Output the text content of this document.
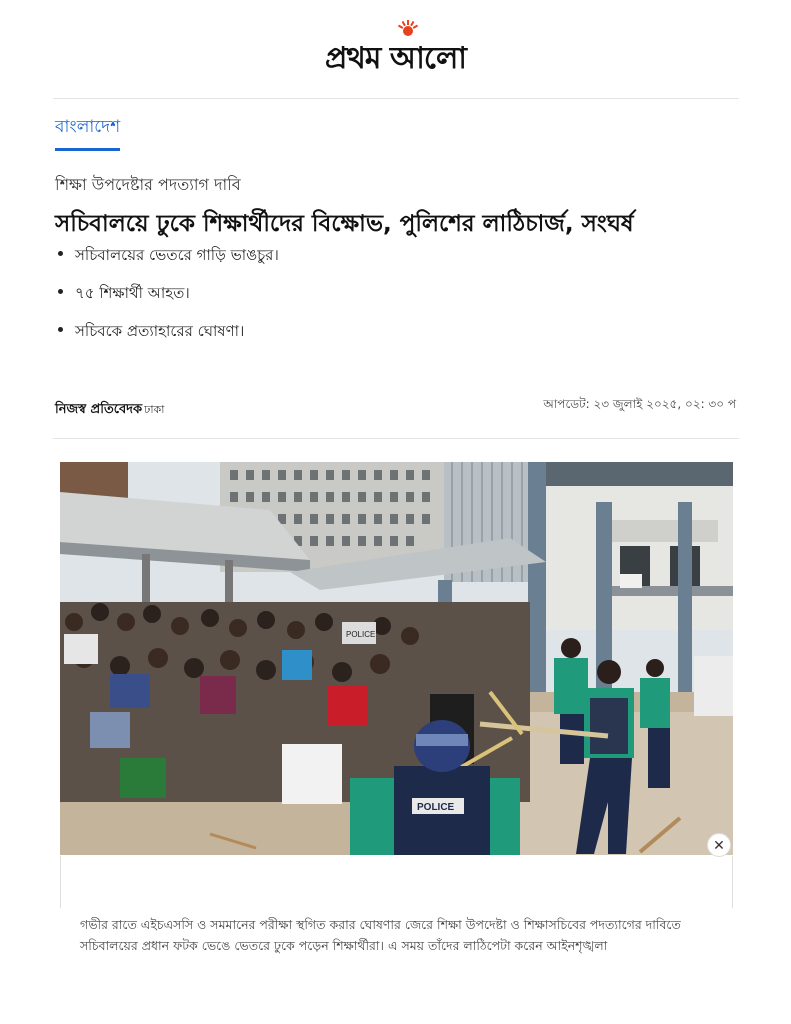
প্রথম আলো
বাংলাদেশ
শিক্ষা উপদেষ্টার পদত্যাগ দাবি
সচিবালয়ে ঢুকে শিক্ষার্থীদের বিক্ষোভ, পুলিশের লাঠিচার্জ, সংঘর্ষ
সচিবালয়ের ভেতরে গাড়ি ভাঙচুর।
৭৫ শিক্ষার্থী আহত।
সচিবকে প্রত্যাহারের ঘোষণা।
নিজস্ব প্রতিবেদক ঢাকা	আপডেট: ২৩ জুলাই ২০২৫, ০২: ৩০ প
POLICE
POLICE
✕
গভীর রাতে এইচএসসি ও সমমানের পরীক্ষা স্থগিত করার ঘোষণার জেরে শিক্ষা উপদেষ্টা ও শিক্ষাসচিবের পদত্যাগের দাবিতে সচিবালয়ের প্রধান ফটক ভেঙে ভেতরে ঢুকে পড়েন শিক্ষার্থীরা। এ সময় তাঁদের লাঠিপেটা করেন আইনশৃঙ্খলা
